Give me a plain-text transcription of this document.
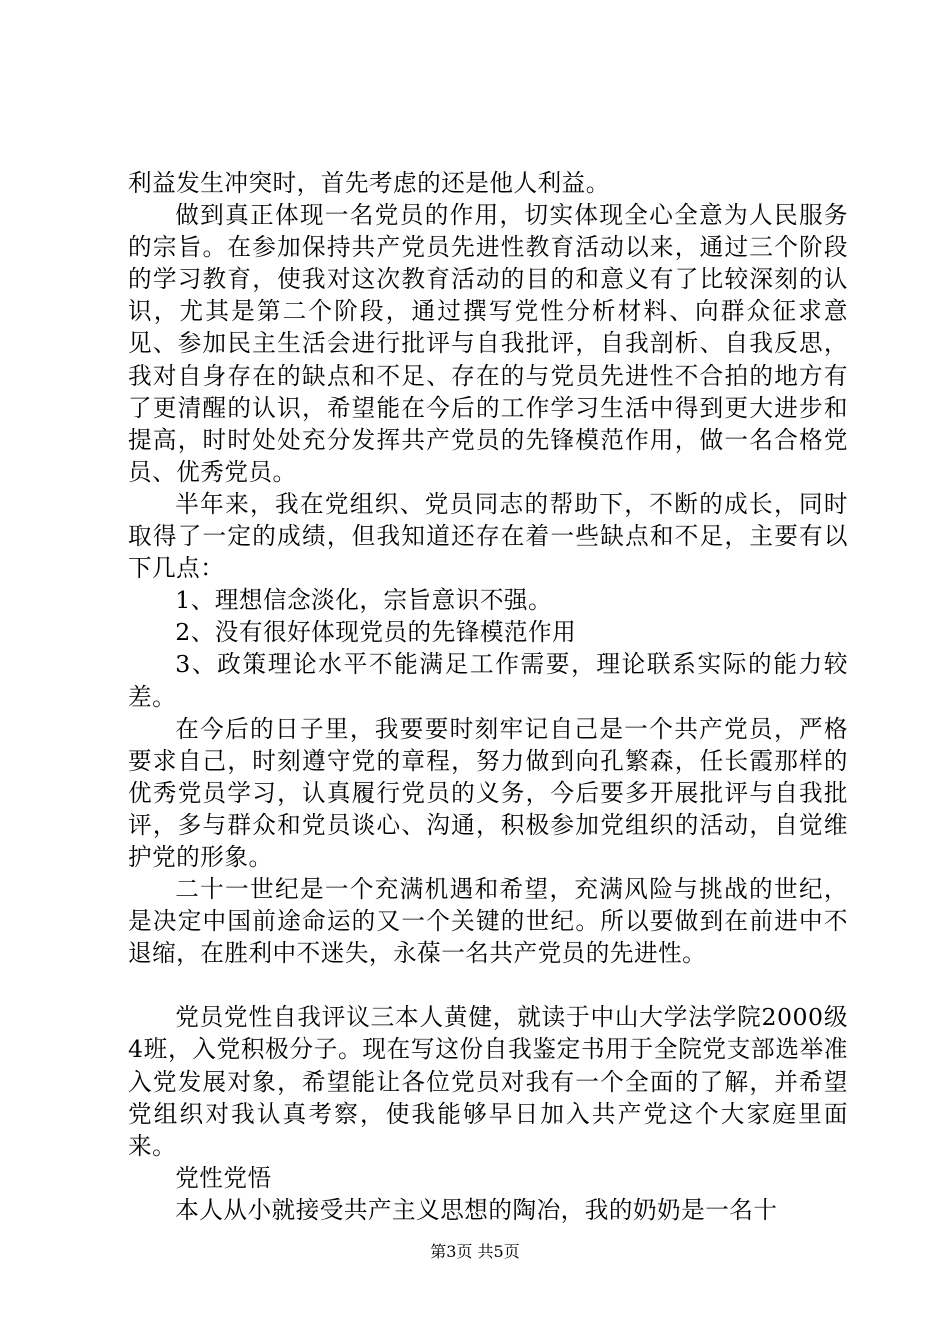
利益发生冲突时，首先考虑的还是他人利益。

做到真正体现一名党员的作用，切实体现全心全意为人民服务的宗旨。在参加保持共产党员先进性教育活动以来，通过三个阶段的学习教育，使我对这次教育活动的目的和意义有了比较深刻的认识，尤其是第二个阶段，通过撰写党性分析材料、向群众征求意见、参加民主生活会进行批评与自我批评，自我剖析、自我反思，我对自身存在的缺点和不足、存在的与党员先进性不合拍的地方有了更清醒的认识，希望能在今后的工作学习生活中得到更大进步和提高，时时处处充分发挥共产党员的先锋模范作用，做一名合格党员、优秀党员。

半年来，我在党组织、党员同志的帮助下，不断的成长，同时取得了一定的成绩，但我知道还存在着一些缺点和不足，主要有以下几点：

1、理想信念淡化，宗旨意识不强。

2、没有很好体现党员的先锋模范作用

3、政策理论水平不能满足工作需要，理论联系实际的能力较差。

在今后的日子里，我要要时刻牢记自己是一个共产党员，严格要求自己，时刻遵守党的章程，努力做到向孔繁森，任长霞那样的优秀党员学习，认真履行党员的义务，今后要多开展批评与自我批评，多与群众和党员谈心、沟通，积极参加党组织的活动，自觉维护党的形象。

二十一世纪是一个充满机遇和希望，充满风险与挑战的世纪，是决定中国前途命运的又一个关键的世纪。所以要做到在前进中不退缩，在胜利中不迷失，永葆一名共产党员的先进性。

党员党性自我评议三本人黄健，就读于中山大学法学院2000级4班，入党积极分子。现在写这份自我鉴定书用于全院党支部选举准入党发展对象，希望能让各位党员对我有一个全面的了解，并希望党组织对我认真考察，使我能够早日加入共产党这个大家庭里面来。

党性党悟

本人从小就接受共产主义思想的陶冶，我的奶奶是一名十

第3页 共5页
